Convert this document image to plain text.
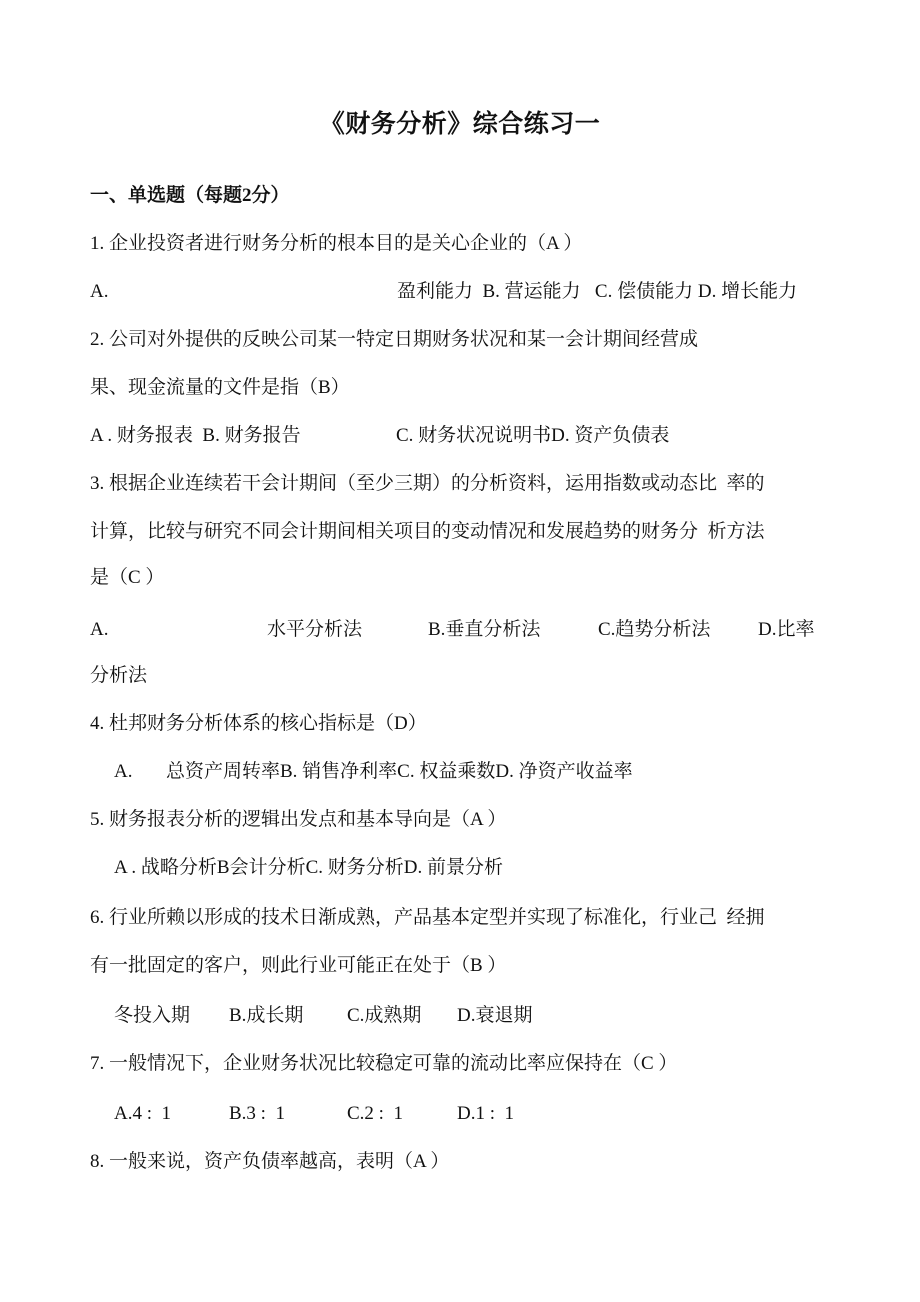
《财务分析》综合练习一
一、单选题（每题2分）
1. 企业投资者进行财务分析的根本目的是关心企业的（A ）
A.	盈利能力  B. 营运能力   C. 偿债能力 D. 增长能力
2. 公司对外提供的反映公司某一特定日期财务状况和某一会计期间经营成
果、现金流量的文件是指（B）
A . 财务报表  B. 财务报告	C. 财务状况说明书D. 资产负债表
3. 根据企业连续若干会计期间（至少三期）的分析资料，运用指数或动态比  率的
计算，比较与研究不同会计期间相关项目的变动情况和发展趋势的财务分  析方法
是（C ）
A.	水平分析法	B.垂直分析法	C.趋势分析法	D.比率
分析法
4. 杜邦财务分析体系的核心指标是（D）
A. 总资产周转率B. 销售净利率C. 权益乘数D. 净资产收益率
5. 财务报表分析的逻辑出发点和基本导向是（A ）
A . 战略分析B会计分析C. 财务分析D. 前景分析
6. 行业所赖以形成的技术日渐成熟，产品基本定型并实现了标准化，行业己  经拥
有一批固定的客户，则此行业可能正在处于（B ）
冬投入期 B.成长期 C.成熟期 D.衰退期
7. 一般情况下，企业财务状况比较稳定可靠的流动比率应保持在（C ）
A.4 :  1	B.3 :  1	C.2 :  1	D.1 :  1
8. 一般来说，资产负债率越高，表明（A ）
